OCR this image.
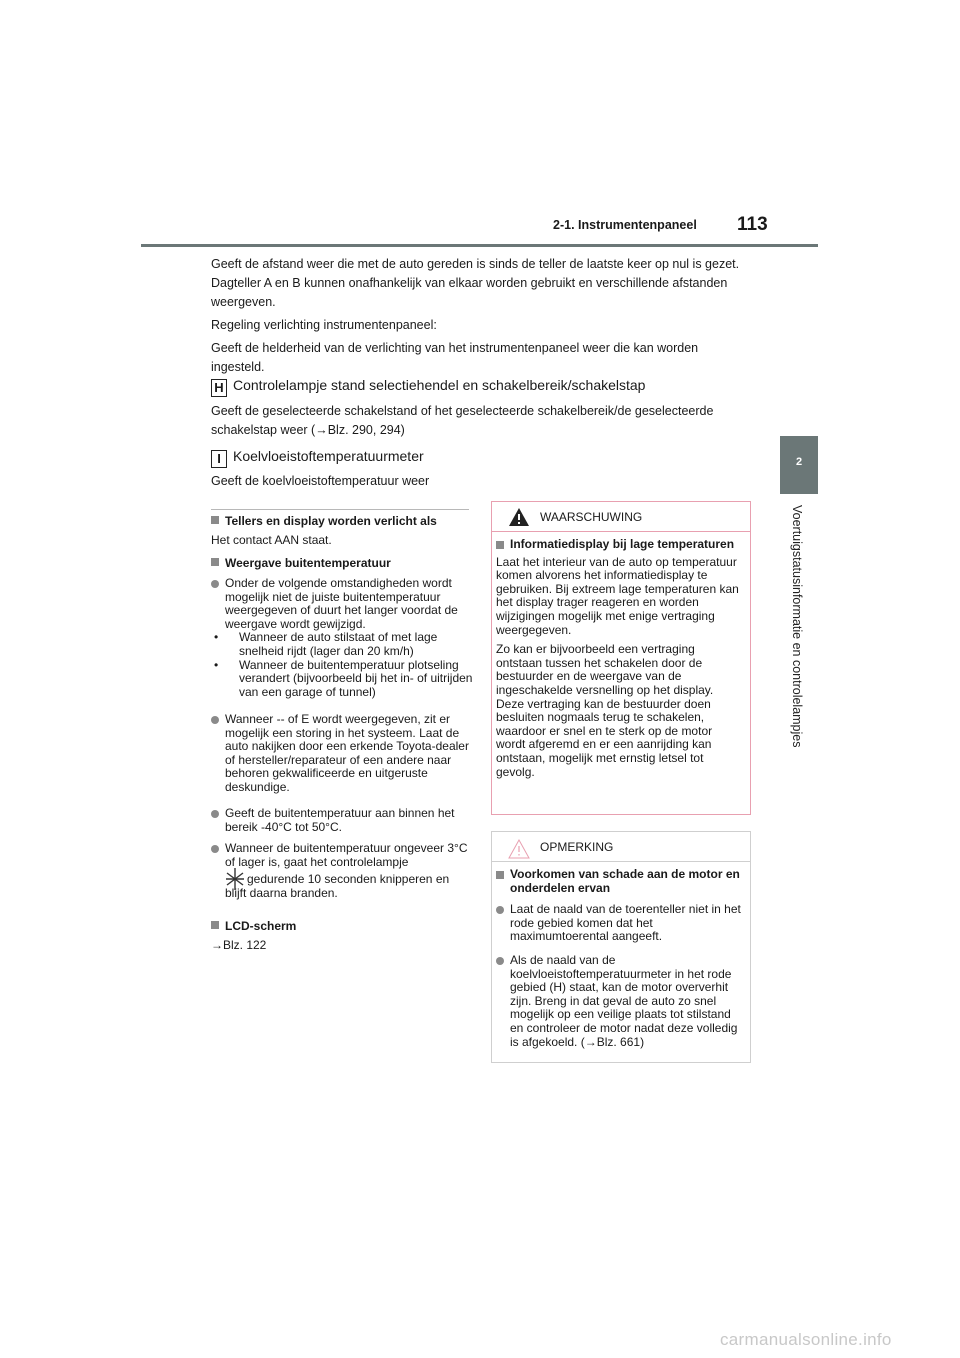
2-1. Instrumentenpaneel 113
2
Voertuigstatusinformatie en controlelampjes

Geeft de afstand weer die met de auto gereden is sinds de teller de laatste keer op nul is gezet. Dagteller A en B kunnen onafhankelijk van elkaar worden gebruikt en verschillende afstanden weergeven.

Regeling verlichting instrumentenpaneel:

Geeft de helderheid van de verlichting van het instrumentenpaneel weer die kan worden ingesteld.

H Controlelampje stand selectiehendel en schakelbereik/schakelstap

Geeft de geselecteerde schakelstand of het geselecteerde schakelbereik/de geselecteerde schakelstap weer (→Blz. 290, 294)

I Koelvloeistoftemperatuurmeter

Geeft de koelvloeistoftemperatuur weer

Tellers en display worden verlicht als
Het contact AAN staat.
Weergave buitentemperatuur
Onder de volgende omstandigheden wordt mogelijk niet de juiste buitentemperatuur weergegeven of duurt het langer voordat de weergave wordt gewijzigd.
•	Wanneer de auto stilstaat of met lage snelheid rijdt (lager dan 20 km/h)
•	Wanneer de buitentemperatuur plotseling verandert (bijvoorbeeld bij het in- of uitrijden van een garage of tunnel)
Wanneer -- of E wordt weergegeven, zit er mogelijk een storing in het systeem. Laat de auto nakijken door een erkende Toyota-dealer of hersteller/reparateur of een andere naar behoren gekwalificeerde en uitgeruste deskundige.
Geeft de buitentemperatuur aan binnen het bereik -40°C tot 50°C.
Wanneer de buitentemperatuur ongeveer 3°C of lager is, gaat het controlelampje
gedurende 10 seconden knipperen en blijft daarna branden.
LCD-scherm
→Blz. 122
WAARSCHUWING
Informatiedisplay bij lage temperaturen
Laat het interieur van de auto op temperatuur komen alvorens het informatiedisplay te gebruiken. Bij extreem lage temperaturen kan het display trager reageren en worden wijzigingen mogelijk met enige vertraging weergegeven.
Zo kan er bijvoorbeeld een vertraging ontstaan tussen het schakelen door de bestuurder en de weergave van de ingeschakelde versnelling op het display. Deze vertraging kan de bestuurder doen besluiten nogmaals terug te schakelen, waardoor er snel en te sterk op de motor wordt afgeremd en er een aanrijding kan ontstaan, mogelijk met ernstig letsel tot gevolg.
OPMERKING
Voorkomen van schade aan de motor en onderdelen ervan
Laat de naald van de toerenteller niet in het rode gebied komen dat het maximumtoerental aangeeft.
Als de naald van de koelvloeistoftemperatuurmeter in het rode gebied (H) staat, kan de motor oververhit zijn. Breng in dat geval de auto zo snel mogelijk op een veilige plaats tot stilstand en controleer de motor nadat deze volledig is afgekoeld. (→Blz. 661)
carmanualsonline.info
